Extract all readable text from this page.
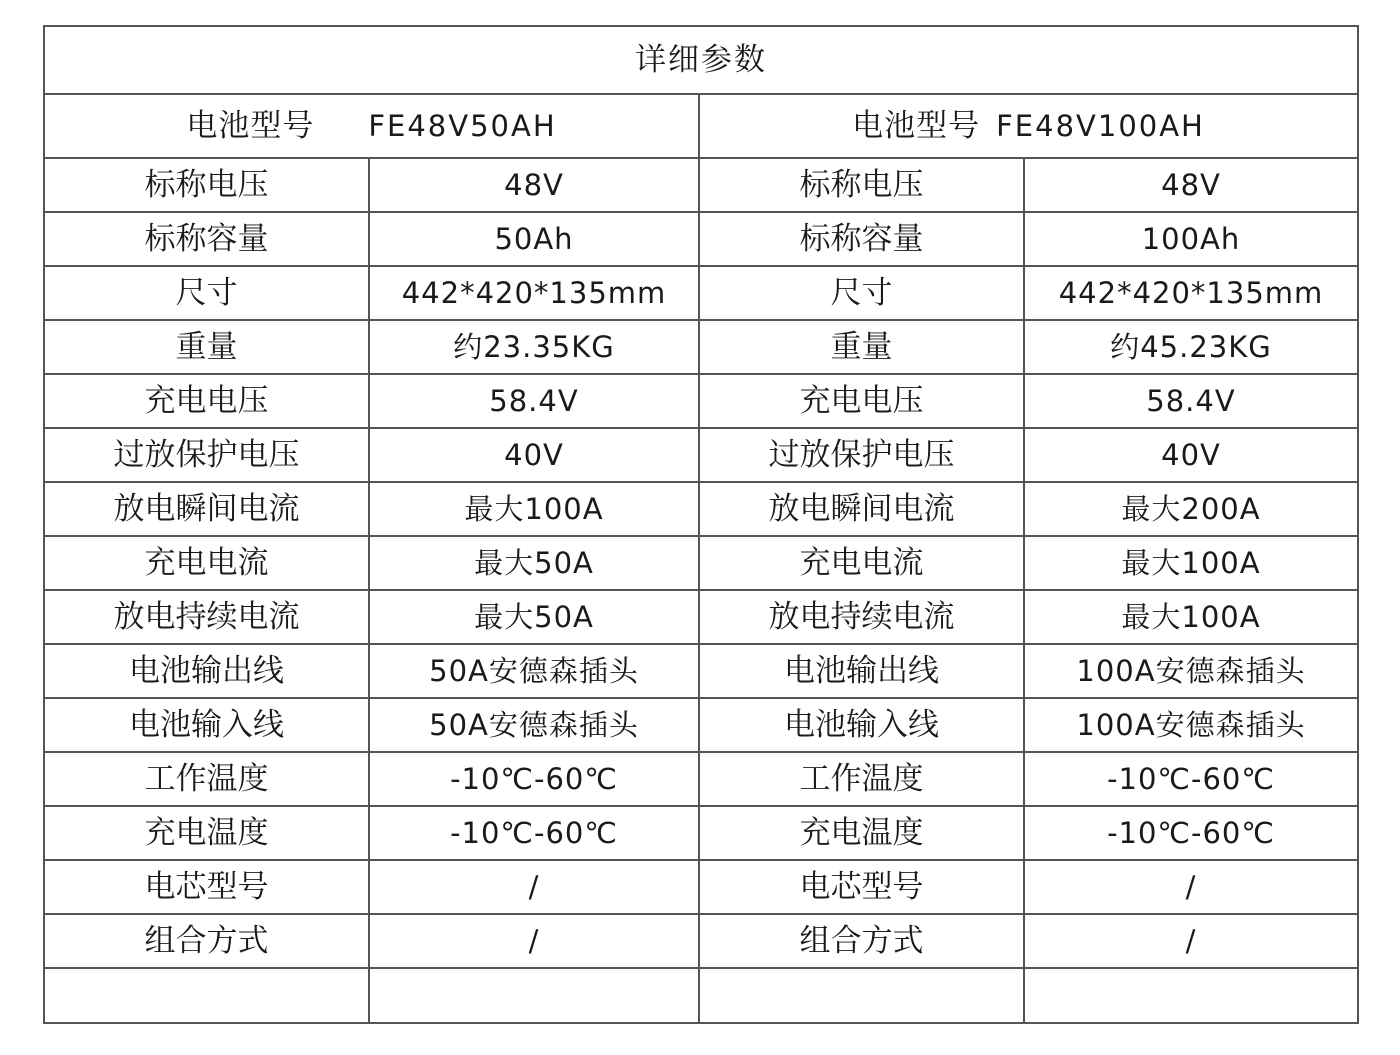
详细参数			
电池型号 FE48V50AH		电池型号 FE48V100AH	
标称电压	48V	标称电压	48V
标称容量	50Ah	标称容量	100Ah
尺寸	442*420*135mm	尺寸	442*420*135mm
重量	约23.35KG	重量	约45.23KG
充电电压	58.4V	充电电压	58.4V
过放保护电压	40V	过放保护电压	40V
放电瞬间电流	最大100A	放电瞬间电流	最大200A
充电电流	最大50A	充电电流	最大100A
放电持续电流	最大50A	放电持续电流	最大100A
电池输出线	50A安德森插头	电池输出线	100A安德森插头
电池输入线	50A安德森插头	电池输入线	100A安德森插头
工作温度	-10℃-60℃	工作温度	-10℃-60℃
充电温度	-10℃-60℃	充电温度	-10℃-60℃
电芯型号	/	电芯型号	/
组合方式	/	组合方式	/
